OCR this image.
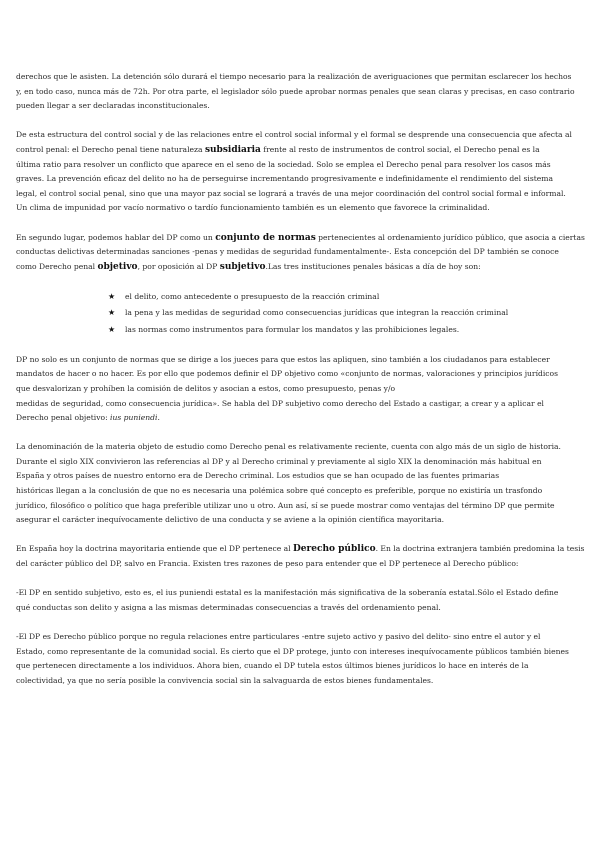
derechos que le asisten. La detención sólo durará el tiempo necesario para la realización de averiguaciones que permitan esclarecer los hechos
y, en todo caso, nunca más de 72h. Por otra parte, el legislador sólo puede aprobar normas penales que sean claras y precisas, en caso contrario
pueden llegar a ser declaradas inconstitucionales.

De esta estructura del control social y de las relaciones entre el control social informal y el formal se desprende una consecuencia que afecta al
control penal: el Derecho penal tiene naturaleza subsidiaria frente al resto de instrumentos de control social, el Derecho penal es la
última ratio para resolver un conflicto que aparece en el seno de la sociedad. Solo se emplea el Derecho penal para resolver los casos más
graves. La prevención eficaz del delito no ha de perseguirse incrementando progresivamente e indefinidamente el rendimiento del sistema
legal, el control social penal, sino que una mayor paz social se logrará a través de una mejor coordinación del control social formal e informal.
Un clima de impunidad por vacío normativo o tardío funcionamiento también es un elemento que favorece la criminalidad.

En segundo lugar, podemos hablar del DP como un conjunto de normas pertenecientes al ordenamiento jurídico público, que asocia a ciertas
conductas delictivas determinadas sanciones -penas y medidas de seguridad fundamentalmente-. Esta concepción del DP también se conoce
como Derecho penal objetivo, por oposición al DP subjetivo.Las tres instituciones penales básicas a día de hoy son:

★ el delito, como antecedente o presupuesto de la reacción criminal
★ la pena y las medidas de seguridad como consecuencias jurídicas que integran la reacción criminal
★ las normas como instrumentos para formular los mandatos y las prohibiciones legales.

DP no solo es un conjunto de normas que se dirige a los jueces para que estos las apliquen, sino también a los ciudadanos para establecer
mandatos de hacer o no hacer. Es por ello que podemos definir el DP objetivo como «conjunto de normas, valoraciones y principios jurídicos
que desvalorizan y prohíben la comisión de delitos y asocian a estos, como presupuesto, penas y/o
medidas de seguridad, como consecuencia jurídica». Se habla del DP subjetivo como derecho del Estado a castigar, a crear y a aplicar el
Derecho penal objetivo: ius puniendi.

La denominación de la materia objeto de estudio como Derecho penal es relativamente reciente, cuenta con algo más de un siglo de historia.
Durante el siglo XIX convivieron las referencias al DP y al Derecho criminal y previamente al siglo XIX la denominación más habitual en
España y otros países de nuestro entorno era de Derecho criminal. Los estudios que se han ocupado de las fuentes primarias
históricas llegan a la conclusión de que no es necesaria una polémica sobre qué concepto es preferible, porque no existiría un trasfondo
jurídico, filosófico o político que haga preferible utilizar uno u otro. Aun así, sí se puede mostrar como ventajas del término DP que permite
asegurar el carácter inequívocamente delictivo de una conducta y se aviene a la opinión científica mayoritaria.

En España hoy la doctrina mayoritaria entiende que el DP pertenece al Derecho público. En la doctrina extranjera también predomina la tesis
del carácter público del DP, salvo en Francia. Existen tres razones de peso para entender que el DP pertenece al Derecho público:

-El DP en sentido subjetivo, esto es, el ius puniendi estatal es la manifestación más significativa de la soberanía estatal.Sólo el Estado define
qué conductas son delito y asigna a las mismas determinadas consecuencias a través del ordenamiento penal.

-El DP es Derecho público porque no regula relaciones entre particulares -entre sujeto activo y pasivo del delito- sino entre el autor y el
Estado, como representante de la comunidad social. Es cierto que el DP protege, junto con intereses inequívocamente públicos también bienes
que pertenecen directamente a los individuos. Ahora bien, cuando el DP tutela estos últimos bienes jurídicos lo hace en interés de la
colectividad, ya que no sería posible la convivencia social sin la salvaguarda de estos bienes fundamentales.
